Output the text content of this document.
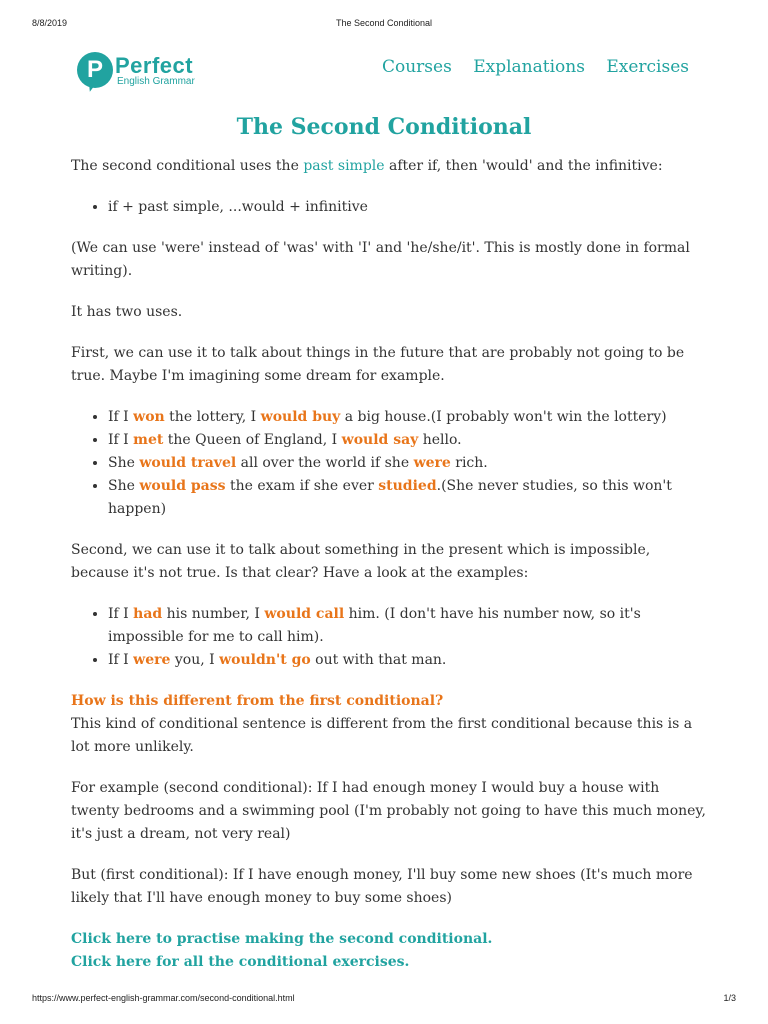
8/8/2019	The Second Conditional
P Perfect
English Grammar
Courses Explanations Exercises
The Second Conditional

The second conditional uses the past simple after if, then 'would' and the infinitive:

• if + past simple, ...would + infinitive

(We can use 'were' instead of 'was' with 'I' and 'he/she/it'. This is mostly done in formal writing).

It has two uses.

First, we can use it to talk about things in the future that are probably not going to be true. Maybe I'm imagining some dream for example.

• If I won the lottery, I would buy a big house.(I probably won't win the lottery)
• If I met the Queen of England, I would say hello.
• She would travel all over the world if she were rich.
• She would pass the exam if she ever studied.(She never studies, so this won't happen)

Second, we can use it to talk about something in the present which is impossible, because it's not true. Is that clear? Have a look at the examples:

• If I had his number, I would call him. (I don't have his number now, so it's impossible for me to call him).
• If I were you, I wouldn't go out with that man.

How is this different from the first conditional?

This kind of conditional sentence is different from the first conditional because this is a lot more unlikely.

For example (second conditional): If I had enough money I would buy a house with twenty bedrooms and a swimming pool (I'm probably not going to have this much money, it's just a dream, not very real)

But (first conditional): If I have enough money, I'll buy some new shoes (It's much more likely that I'll have enough money to buy some shoes)

Click here to practise making the second conditional.
Click here for all the conditional exercises.
https://www.perfect-english-grammar.com/second-conditional.html	1/3
